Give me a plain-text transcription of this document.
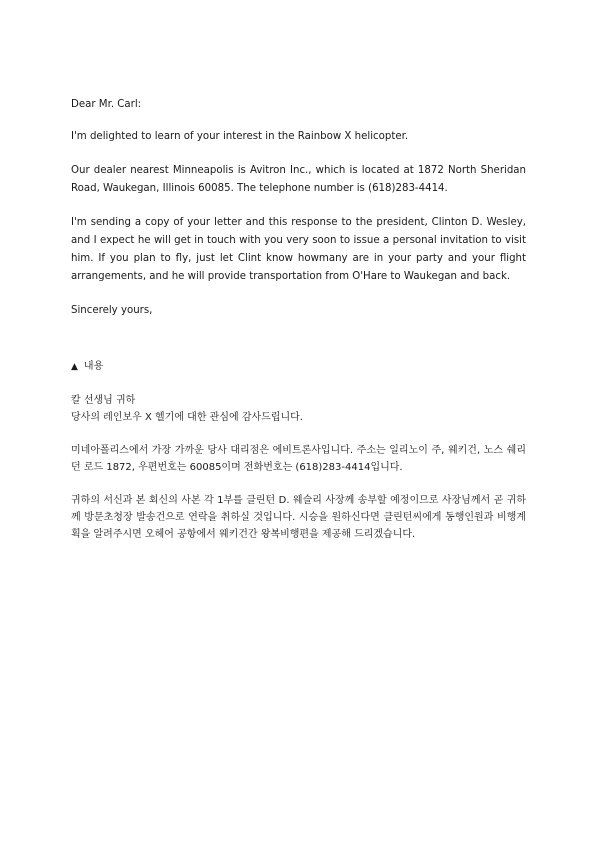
Dear Mr. Carl:

I'm delighted to learn of your interest in the Rainbow X helicopter.

Our dealer nearest Minneapolis is Avitron Inc., which is located at 1872 North Sheridan Road, Waukegan, Illinois 60085. The telephone number is (618)283-4414.

I'm sending a copy of your letter and this response to the president, Clinton D. Wesley, and I expect he will get in touch with you very soon to issue a personal invitation to visit him. If you plan to fly, just let Clint know howmany are in your party and your flight arrangements, and he will provide transportation from O'Hare to Waukegan and back.

Sincerely yours,

▲ 내용

칼 선생님 귀하

당사의 레인보우 X 헬기에 대한 관심에 감사드립니다.

미네아폴리스에서 가장 가까운 당사 대리점은 에비트론사입니다. 주소는 일리노이 주, 웨키건, 노스 쉐리던 로드 1872, 우편번호는 60085이며 전화번호는 (618)283-4414입니다.

귀하의 서신과 본 회신의 사본 각 1부를 클린턴 D. 웨슬리 사장께 송부할 예정이므로 사장님께서 곧 귀하께 방문초청장 발송건으로 연락을 취하실 것입니다. 시승을 원하신다면 클린턴씨에게 동행인원과 비행계획을 알려주시면 오헤어 공항에서 웨키건간 왕복비행편을 제공해 드리겠습니다.
